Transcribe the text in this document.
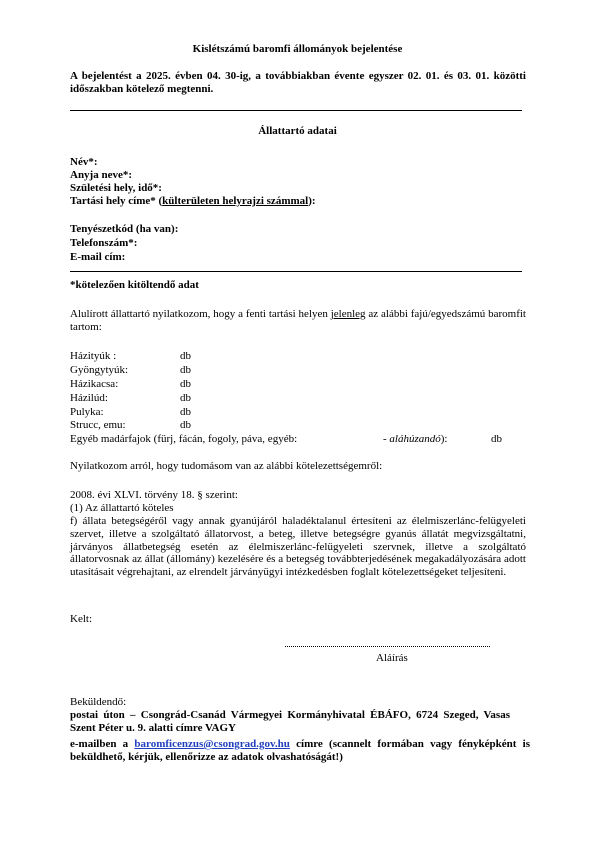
Kislétszámú baromfi állományok bejelentése
A bejelentést a 2025. évben 04. 30-ig, a továbbiakban évente egyszer 02. 01. és 03. 01. közötti időszakban kötelező megtenni.
Állattartó adatai
Név*:
Anyja neve*:
Születési hely, idő*:
Tartási hely címe* (külterületen helyrajzi számmal):
Tenyészetkód (ha van):
Telefonszám*:
E-mail cím:
*kötelezően kitöltendő adat
Alulírott állattartó nyilatkozom, hogy a fenti tartási helyen jelenleg az alábbi fajú/egyedszámú baromfit tartom:
Házityúk :	db
Gyöngytyúk:	db
Házikacsa:	db
Házilúd:	db
Pulyka:	db
Strucc, emu:	db
Egyéb madárfajok (fürj, fácán, fogoly, páva, egyéb:	- aláhúzandó):	db
Nyilatkozom arról, hogy tudomásom van az alábbi kötelezettségemről:
2008. évi XLVI. törvény 18. § szerint:
(1) Az állattartó köteles
f) állata betegségéről vagy annak gyanújáról haladéktalanul értesíteni az élelmiszerlánc-felügyeleti szervet, illetve a szolgáltató állatorvost, a beteg, illetve betegségre gyanús állatát megvizsgáltatni, járványos állatbetegség esetén az élelmiszerlánc-felügyeleti szervnek, illetve a szolgáltató állatorvosnak az állat (állomány) kezelésére és a betegség továbbterjedésének megakadályozására adott utasításait végrehajtani, az elrendelt járványügyi intézkedésben foglalt kötelezettségeket teljesíteni.
Kelt:
Aláírás
Beküldendő:
postai úton – Csongrád-Csanád Vármegyei Kormányhivatal ÉBÁFO, 6724 Szeged, Vasas Szent Péter u. 9. alatti címre VAGY
e-mailben a baromficenzus@csongrad.gov.hu címre (scannelt formában vagy fényképként is beküldhető, kérjük, ellenőrizze az adatok olvashatóságát!)
